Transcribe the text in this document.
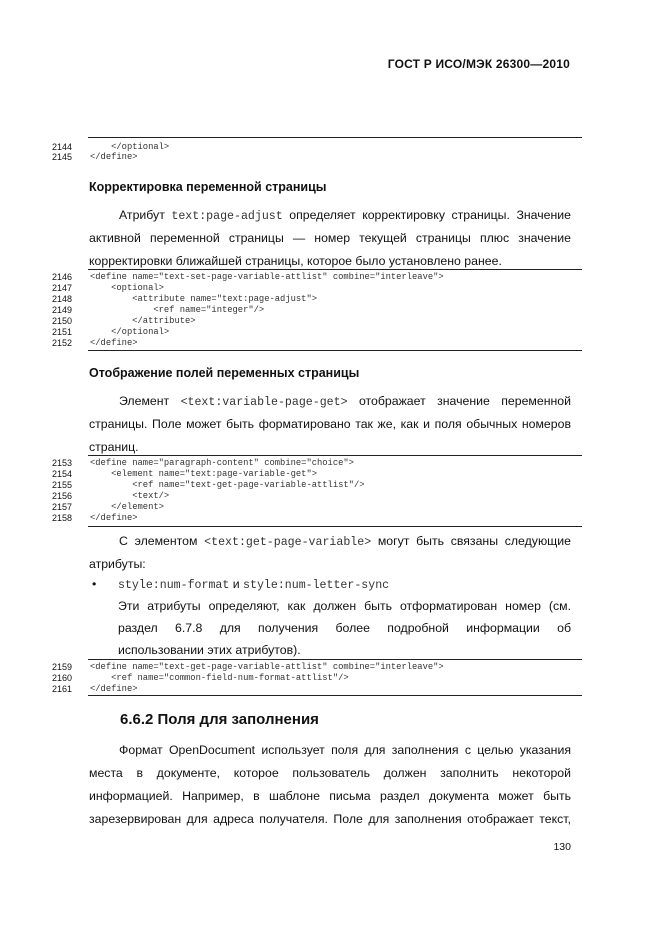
ГОСТ Р ИСО/МЭК 26300—2010
2144 </optional>
2145 </define>
Корректировка переменной страницы
Атрибут text:page-adjust определяет корректировку страницы. Значение
активной переменной страницы — номер текущей страницы плюс значение
корректировки ближайшей страницы, которое было установлено ранее.
2146 <define name="text-set-page-variable-attlist" combine="interleave">
2147 <optional>
2148 <attribute name="text:page-adjust">
2149 <ref name="integer"/>
2150 </attribute>
2151 </optional>
2152 </define>
Отображение полей переменных страницы
Элемент <text:variable-page-get> отображает значение переменной
страницы. Поле может быть форматировано так же, как и поля обычных номеров
страниц.
2153 <define name="paragraph-content" combine="choice">
2154 <element name="text:page-variable-get">
2155 <ref name="text-get-page-variable-attlist"/>
2156 <text/>
2157 </element>
2158 </define>
С элементом <text:get-page-variable> могут быть связаны следующие
атрибуты:
• style:num-format и style:num-letter-sync
Эти атрибуты определяют, как должен быть отформатирован номер (см.
раздел 6.7.8 для получения более подробной информации об
использовании этих атрибутов).
2159 <define name="text-get-page-variable-attlist" combine="interleave">
2160 <ref name="common-field-num-format-attlist"/>
2161 </define>
6.6.2 Поля для заполнения
Формат OpenDocument использует поля для заполнения с целью указания
места в документе, которое пользователь должен заполнить некоторой
информацией. Например, в шаблоне письма раздел документа может быть
зарезервирован для адреса получателя. Поле для заполнения отображает текст,
130
